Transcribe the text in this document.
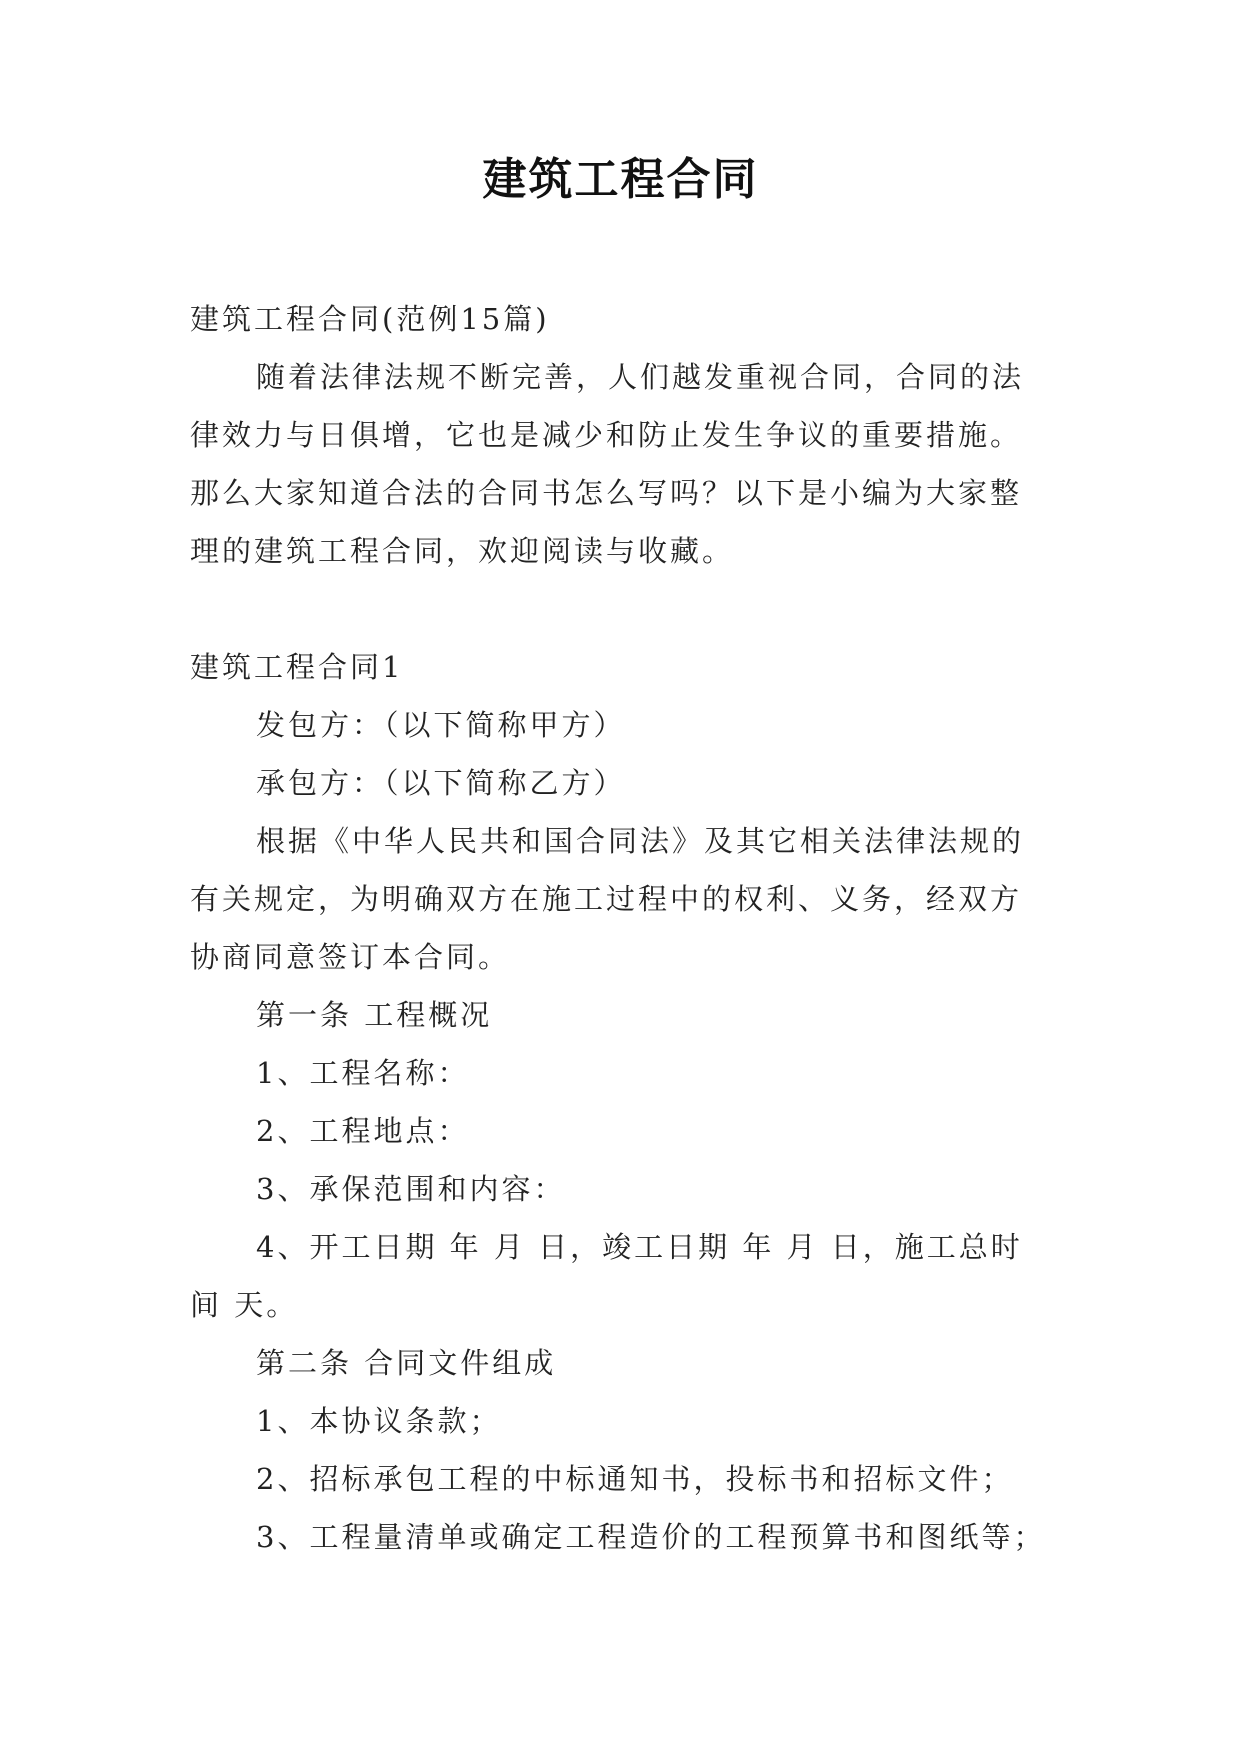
建筑工程合同

建筑工程合同(范例15篇)

随着法律法规不断完善，人们越发重视合同，合同的法律效力与日俱增，它也是减少和防止发生争议的重要措施。那么大家知道合法的合同书怎么写吗？以下是小编为大家整理的建筑工程合同，欢迎阅读与收藏。

建筑工程合同1

发包方：（以下简称甲方）

承包方：（以下简称乙方）

根据《中华人民共和国合同法》及其它相关法律法规的有关规定，为明确双方在施工过程中的权利、义务，经双方协商同意签订本合同。

第一条 工程概况

1、工程名称：

2、工程地点：

3、承保范围和内容：

4、开工日期 年 月 日，竣工日期 年 月 日，施工总时间 天。

第二条 合同文件组成

1、本协议条款；

2、招标承包工程的中标通知书，投标书和招标文件；

3、工程量清单或确定工程造价的工程预算书和图纸等；
